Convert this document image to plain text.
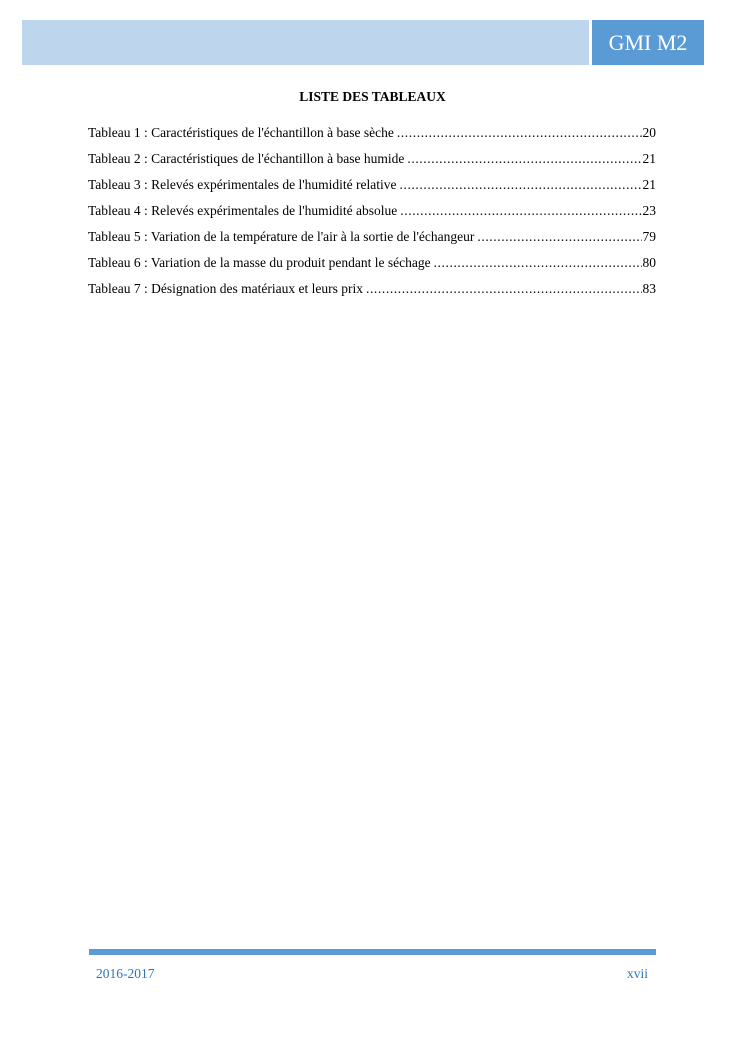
GMI M2
LISTE DES TABLEAUX
Tableau 1 : Caractéristiques de l'échantillon à base sèche .....	20
Tableau 2 : Caractéristiques de l'échantillon à base humide .....	21
Tableau 3 : Relevés expérimentales de l'humidité relative .....	21
Tableau 4 : Relevés expérimentales de l'humidité absolue .....	23
Tableau 5 : Variation de la température de l'air à la sortie de l'échangeur .....	79
Tableau 6 : Variation de la masse du produit pendant le séchage .....	80
Tableau 7 : Désignation des matériaux et leurs prix .....	83
2016-2017	xvii
